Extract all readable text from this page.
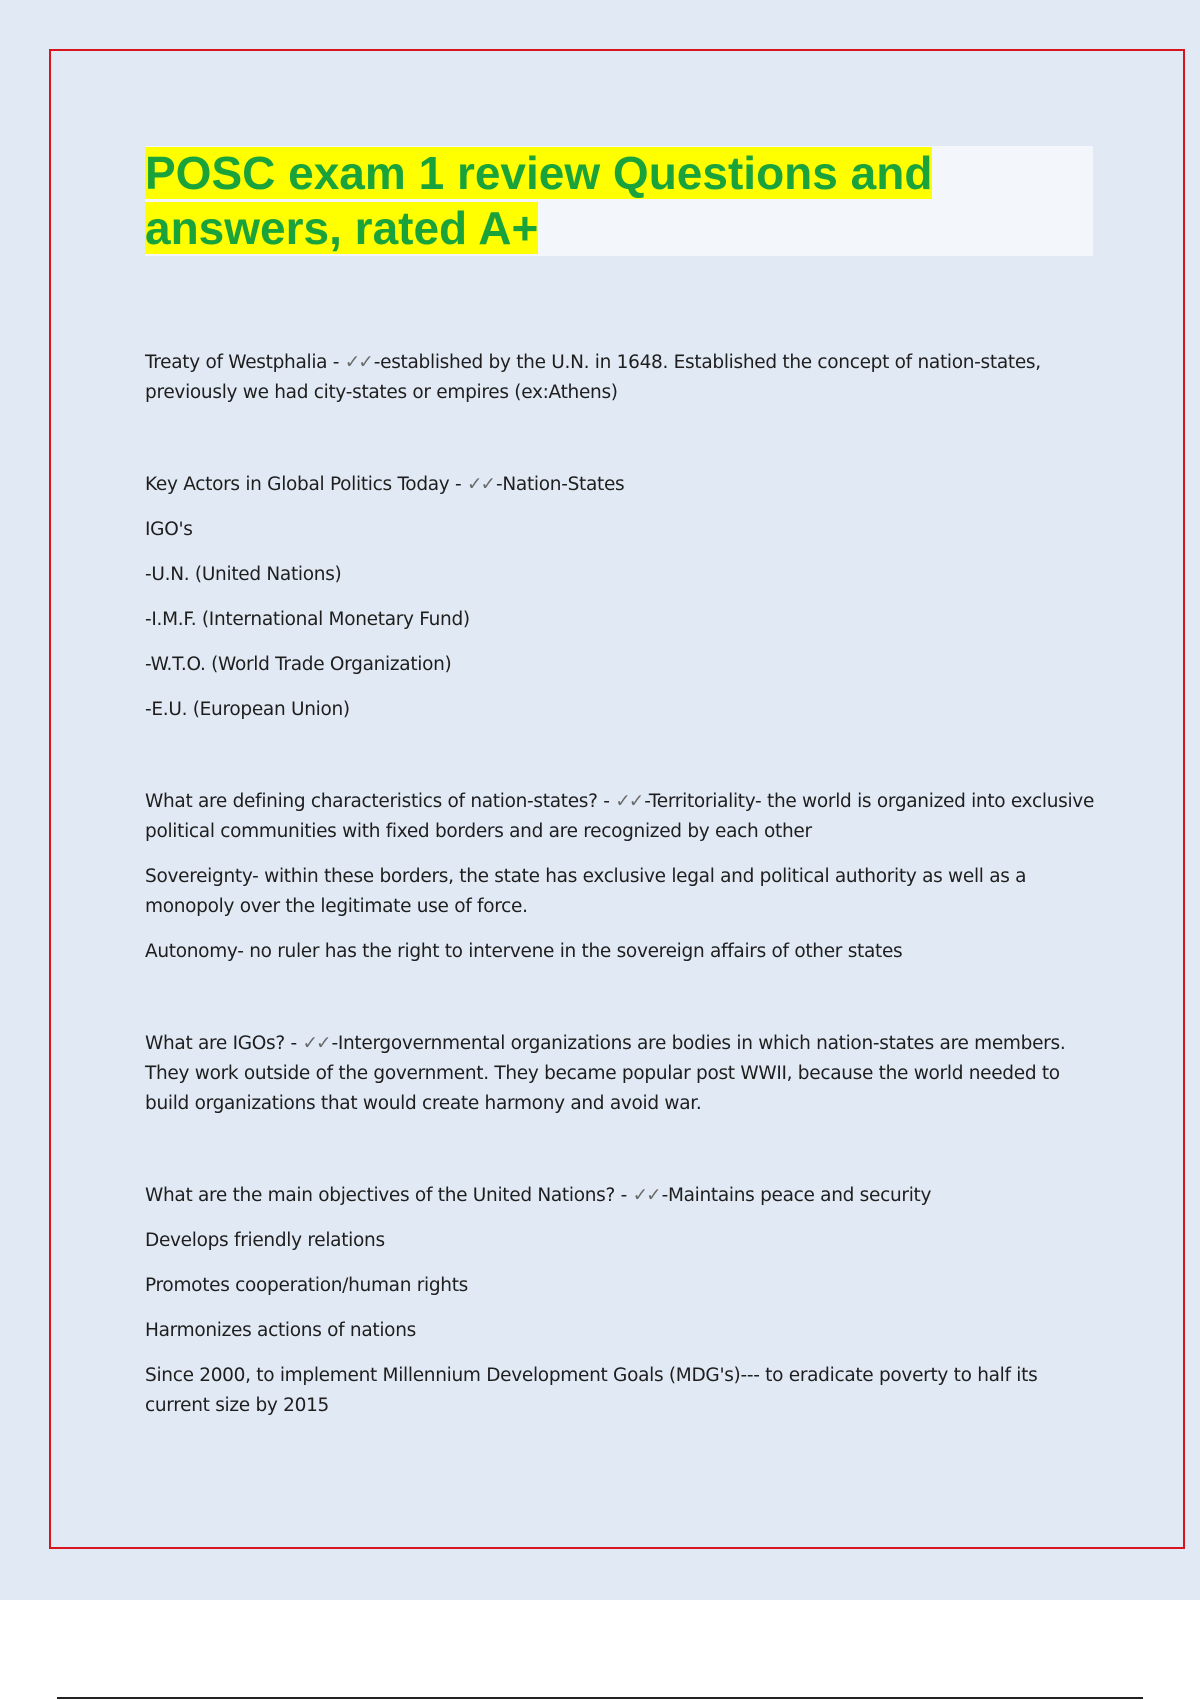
POSC exam 1 review Questions and
answers, rated A+

Treaty of Westphalia - ✓✓ -established by the U.N. in 1648. Established the concept of nation-states, previously we had city-states or empires (ex:Athens)

Key Actors in Global Politics Today - ✓✓ -Nation-States

IGO's

-U.N. (United Nations)

-I.M.F. (International Monetary Fund)

-W.T.O. (World Trade Organization)

-E.U. (European Union)

What are defining characteristics of nation-states? - ✓✓ -Territoriality- the world is organized into exclusive political communities with fixed borders and are recognized by each other

Sovereignty- within these borders, the state has exclusive legal and political authority as well as a monopoly over the legitimate use of force.

Autonomy- no ruler has the right to intervene in the sovereign affairs of other states

What are IGOs? - ✓✓ -Intergovernmental organizations are bodies in which nation-states are members. They work outside of the government. They became popular post WWII, because the world needed to build organizations that would create harmony and avoid war.

What are the main objectives of the United Nations? - ✓✓ -Maintains peace and security

Develops friendly relations

Promotes cooperation/human rights

Harmonizes actions of nations

Since 2000, to implement Millennium Development Goals (MDG's)--- to eradicate poverty to half its current size by 2015
